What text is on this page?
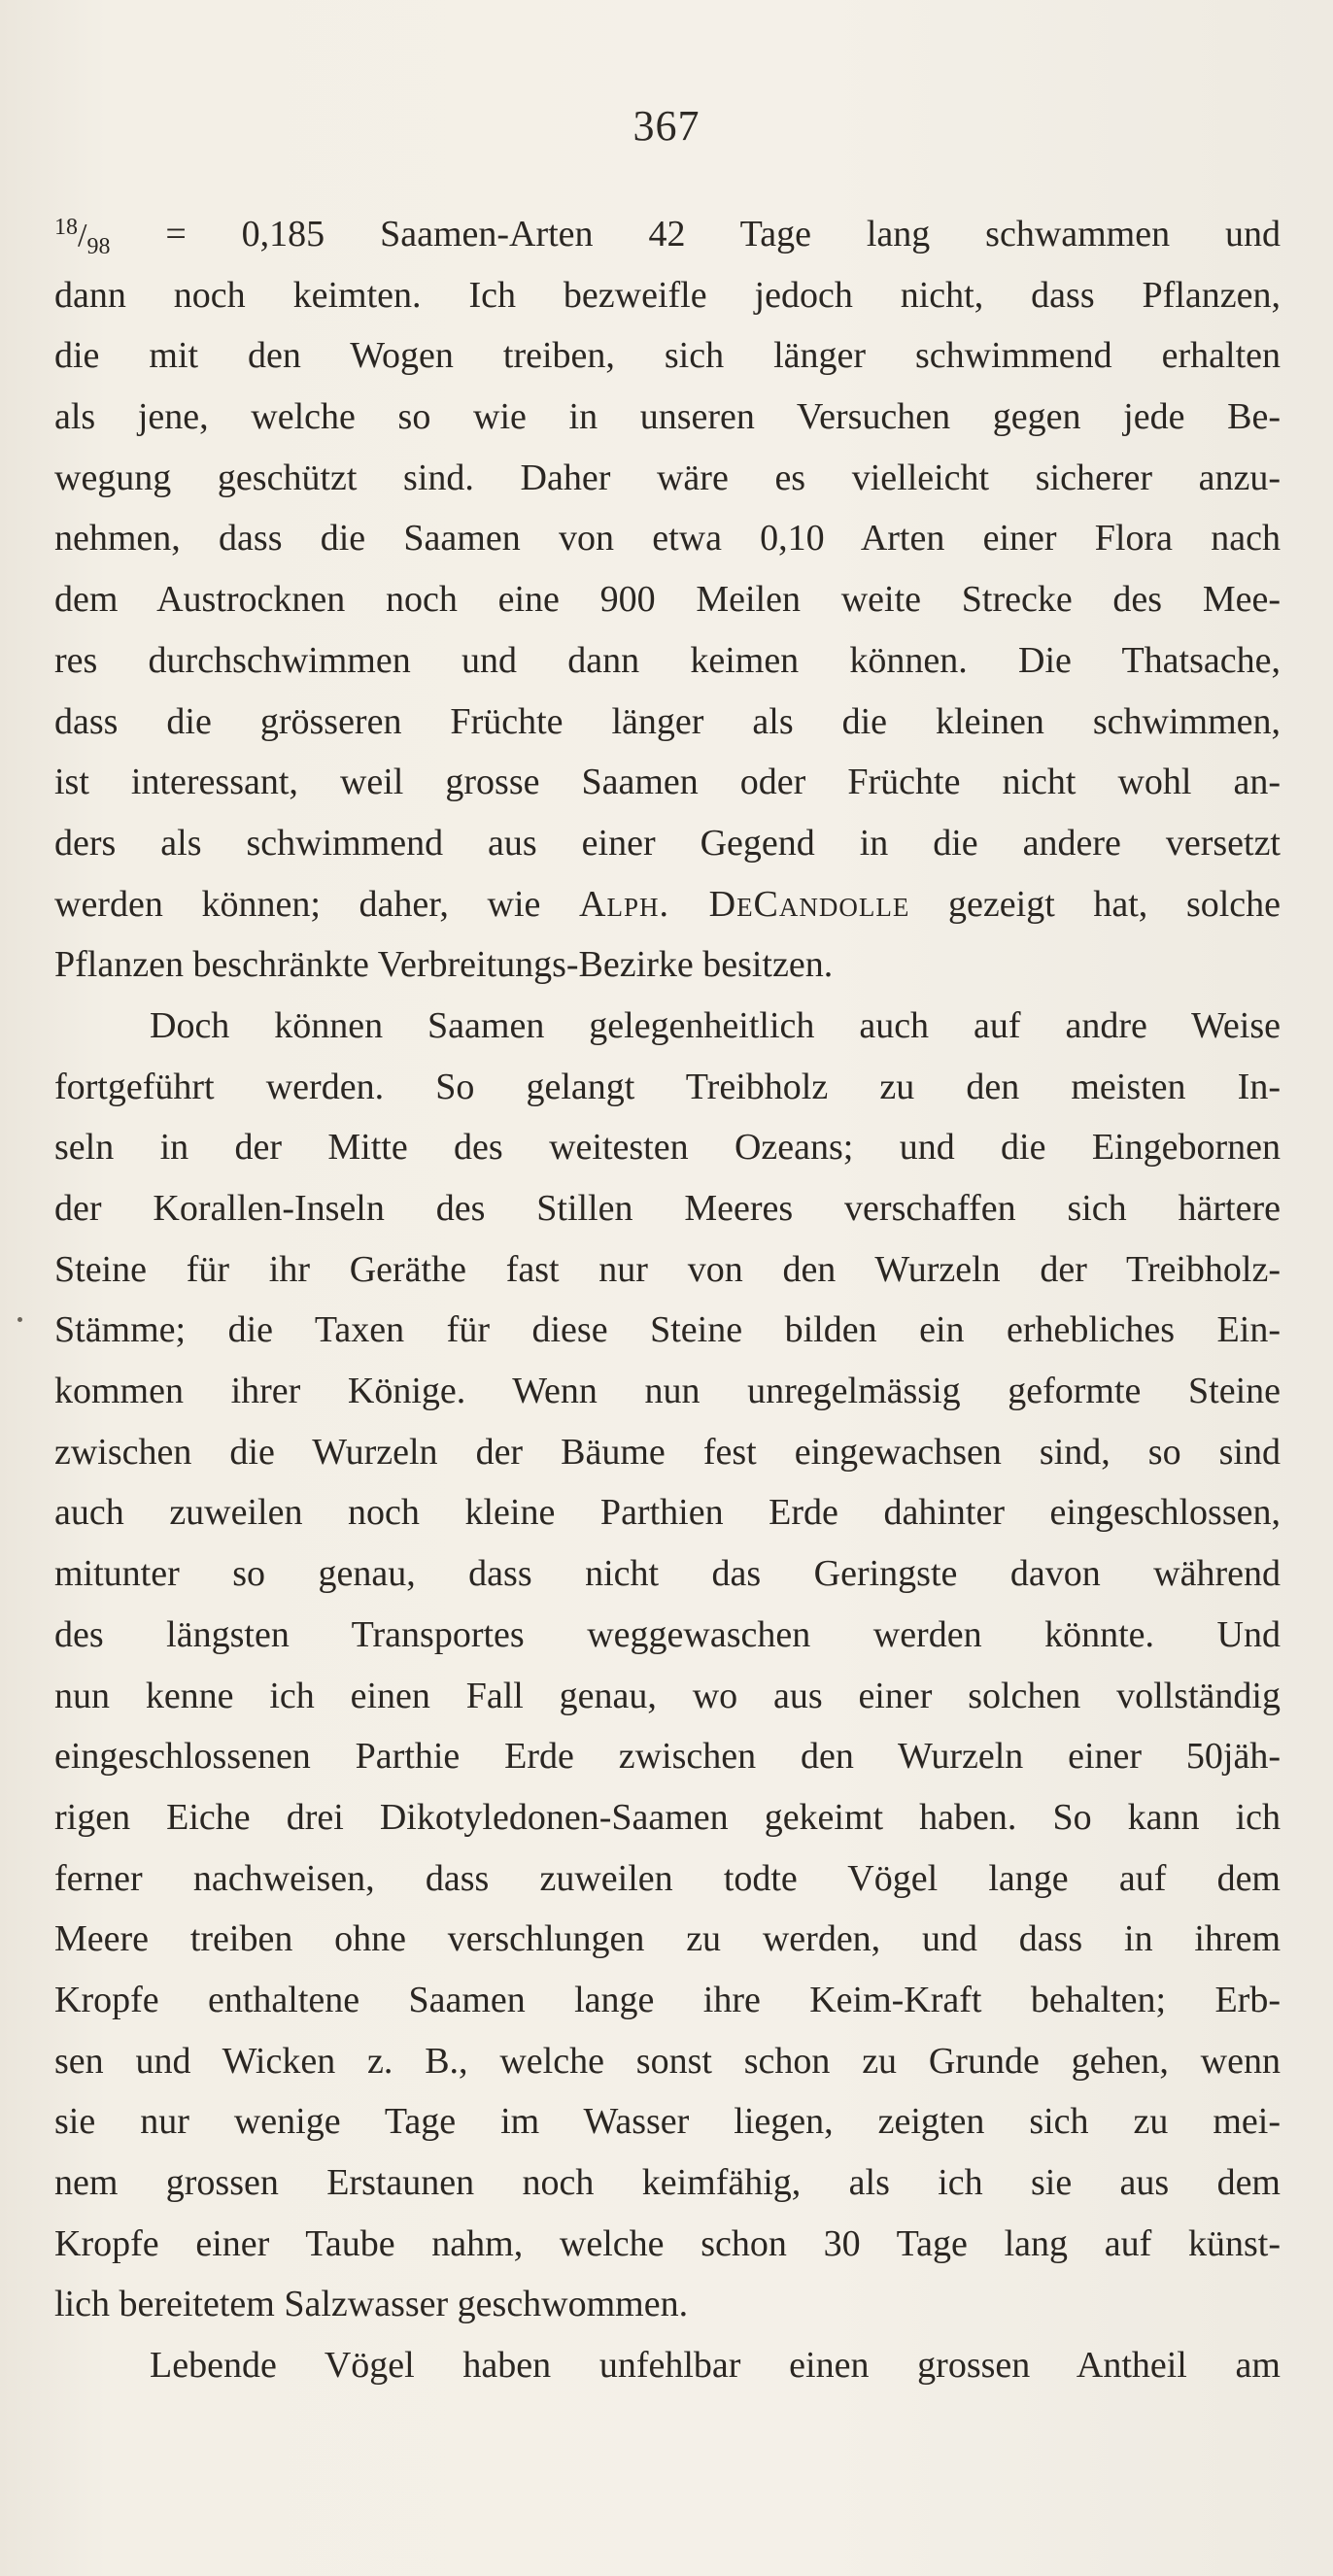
367
$^{18}/_{98} = 0,185$ Saamen-Arten 42 Tage lang schwammen und
dann noch keimten. Ich bezweifle jedoch nicht, dass Pflanzen,
die mit den Wogen treiben, sich länger schwimmend erhalten
als jene, welche so wie in unseren Versuchen gegen jede Be-
wegung geschützt sind. Daher wäre es vielleicht sicherer anzu-
nehmen, dass die Saamen von etwa 0,10 Arten einer Flora nach
dem Austrocknen noch eine 900 Meilen weite Strecke des Mee-
res durchschwimmen und dann keimen können. Die Thatsache,
dass die grösseren Früchte länger als die kleinen schwimmen,
ist interessant, weil grosse Saamen oder Früchte nicht wohl an-
ders als schwimmend aus einer Gegend in die andere versetzt
werden können; daher, wie Alph. DeCandolle gezeigt hat, solche
Pflanzen beschränkte Verbreitungs-Bezirke besitzen.
Doch können Saamen gelegenheitlich auch auf andre Weise
fortgeführt werden. So gelangt Treibholz zu den meisten In-
seln in der Mitte des weitesten Ozeans; und die Eingebornen
der Korallen-Inseln des Stillen Meeres verschaffen sich härtere
Steine für ihr Geräthe fast nur von den Wurzeln der Treibholz-
Stämme; die Taxen für diese Steine bilden ein erhebliches Ein-
kommen ihrer Könige. Wenn nun unregelmässig geformte Steine
zwischen die Wurzeln der Bäume fest eingewachsen sind, so sind
auch zuweilen noch kleine Parthien Erde dahinter eingeschlossen,
mitunter so genau, dass nicht das Geringste davon während
des längsten Transportes weggewaschen werden könnte. Und
nun kenne ich einen Fall genau, wo aus einer solchen vollständig
eingeschlossenen Parthie Erde zwischen den Wurzeln einer 50jäh-
rigen Eiche drei Dikotyledonen-Saamen gekeimt haben. So kann ich
ferner nachweisen, dass zuweilen todte Vögel lange auf dem
Meere treiben ohne verschlungen zu werden, und dass in ihrem
Kropfe enthaltene Saamen lange ihre Keim-Kraft behalten; Erb-
sen und Wicken z. B., welche sonst schon zu Grunde gehen, wenn
sie nur wenige Tage im Wasser liegen, zeigten sich zu mei-
nem grossen Erstaunen noch keimfähig, als ich sie aus dem
Kropfe einer Taube nahm, welche schon 30 Tage lang auf künst-
lich bereitetem Salzwasser geschwommen.
Lebende Vögel haben unfehlbar einen grossen Antheil am
